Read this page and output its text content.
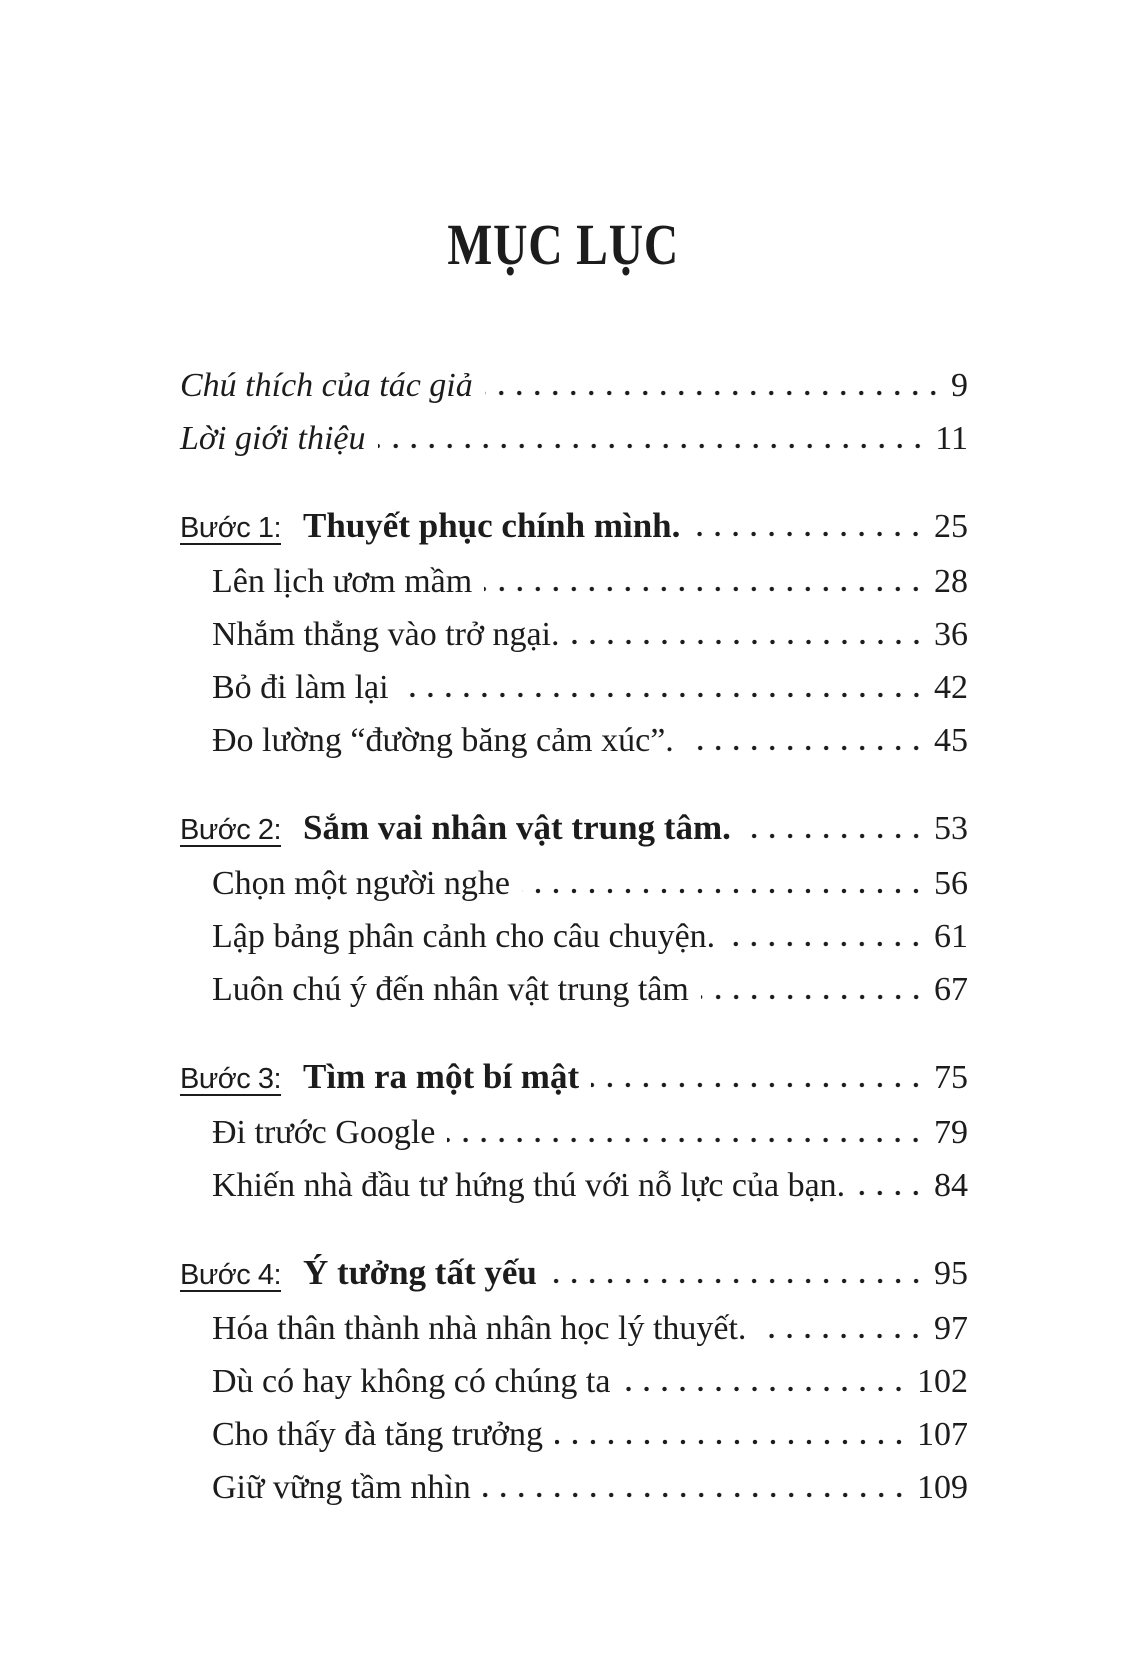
MỤC LỤC
Chú thích của tác giả	9
Lời giới thiệu	11
Bước 1: Thuyết phục chính mình.	25
Lên lịch ươm mầm	28
Nhắm thẳng vào trở ngại.	36
Bỏ đi làm lại	42
Đo lường “đường băng cảm xúc”.	45
Bước 2: Sắm vai nhân vật trung tâm.	53
Chọn một người nghe	56
Lập bảng phân cảnh cho câu chuyện.	61
Luôn chú ý đến nhân vật trung tâm	67
Bước 3: Tìm ra một bí mật	75
Đi trước Google	79
Khiến nhà đầu tư hứng thú với nỗ lực của bạn.	84
Bước 4: Ý tưởng tất yếu	95
Hóa thân thành nhà nhân học lý thuyết.	97
Dù có hay không có chúng ta	102
Cho thấy đà tăng trưởng	107
Giữ vững tầm nhìn	109
